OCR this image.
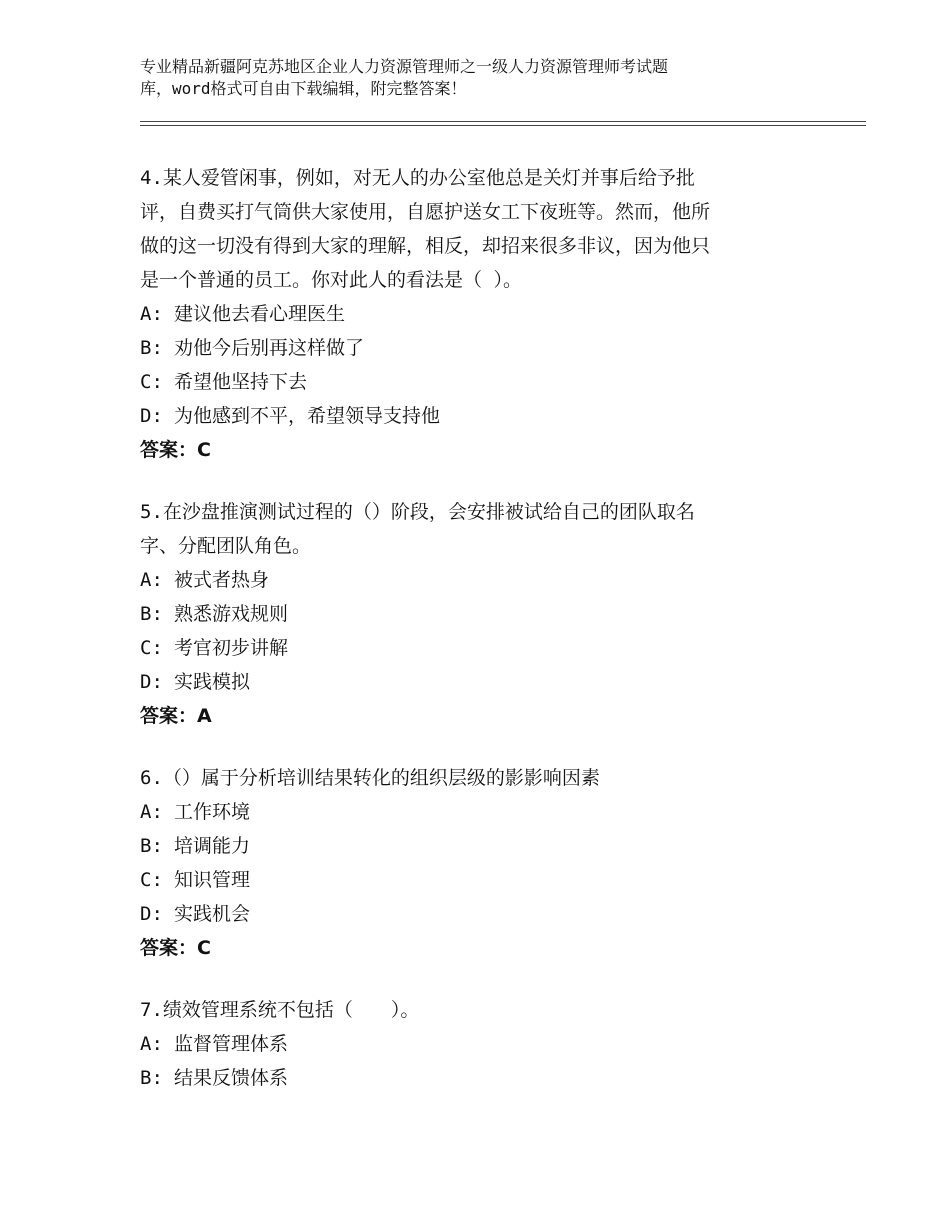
专业精品新疆阿克苏地区企业人力资源管理师之一级人力资源管理师考试题
库，word格式可自由下载编辑，附完整答案！
4.某人爱管闲事，例如，对无人的办公室他总是关灯并事后给予批
评，自费买打气筒供大家使用，自愿护送女工下夜班等。然而，他所
做的这一切没有得到大家的理解，相反，却招来很多非议，因为他只
是一个普通的员工。你对此人的看法是（ ）。
A: 建议他去看心理医生
B: 劝他今后别再这样做了
C: 希望他坚持下去
D: 为他感到不平，希望领导支持他
答案：C
5.在沙盘推演测试过程的（）阶段，会安排被试给自己的团队取名
字、分配团队角色。
A: 被式者热身
B: 熟悉游戏规则
C: 考官初步讲解
D: 实践模拟
答案：A
6.（）属于分析培训结果转化的组织层级的影影响因素
A: 工作环境
B: 培调能力
C: 知识管理
D: 实践机会
答案：C
7.绩效管理系统不包括（　　）。
A: 监督管理体系
B: 结果反馈体系
